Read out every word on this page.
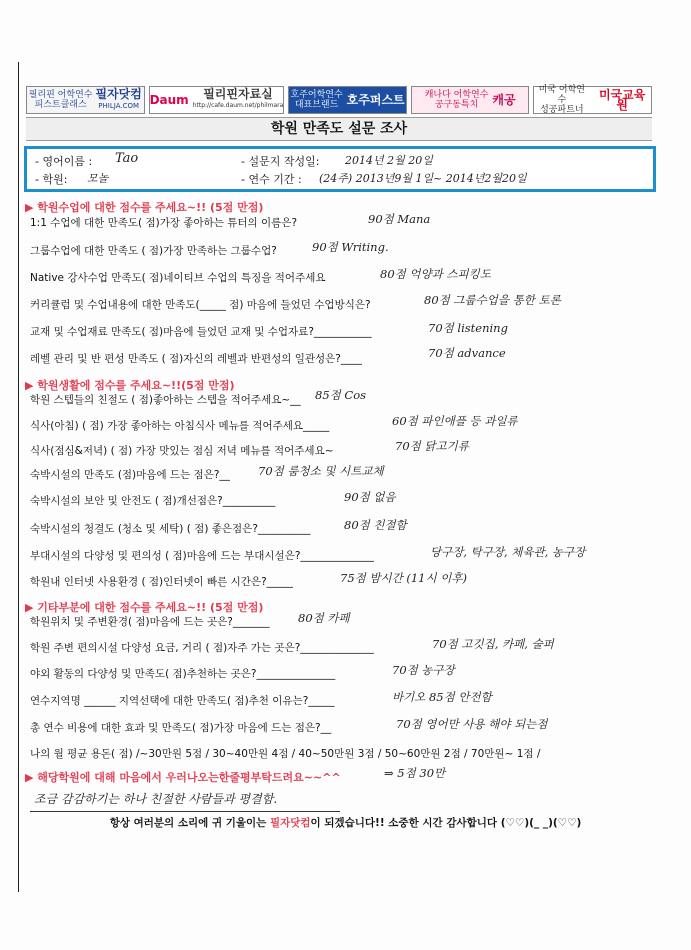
필리핀 어학연수
피스트클래스
필자닷컴
PHILJA.COM Daum	필리핀자료실
http://cafe.daum.net/philmara
호주어학연수
대표브랜드 호주퍼스트 캐나다 어학연수
공구동특치	캐공
미국 어학연수
성공파트너
미국교육원
학원 만족도 설문 조사
- 영어이름 : Tao
- 학원: 모놀
- 설문지 작성일: 2014년 2월 20일
- 연수 기간 : (24주) 2013년9월 1일~ 2014년2월20일
▶ 학원수업에 대한 점수를 주세요~!! (5점 만점)
1:1 수업에 대한 만족도( 점)가장 좋아하는 튜터의 이름은?	90점 Mana
그룹수업에 대한 만족도 ( 점)가장 만족하는 그룹수업?	90점 Writing.
Native 강사수업 만족도( 점)네이티브 수업의 특징을 적어주세요	80점 억양과 스피킹도
커리큘럼 및 수업내용에 대한 만족도(_____ 점) 마음에 들었던 수업방식은?	80점 그룹수업을 통한 토론
교재 및 수업재료 만족도( 점)마음에 들었던 교재 및 수업자료?___________	70점 listening
레벨 관리 및 반 편성 만족도 ( 점)자신의 레벨과 반편성의 일관성은?____	70점 advance
▶ 학원생활에 점수를 주세요~!!(5점 만점)
학원 스텝들의 친절도 ( 점)좋아하는 스텝을 적어주세요~__ 85점 Cos
식사(아침) ( 점) 가장 좋아하는 아침식사 메뉴를 적어주세요_____	60점 파인애플 등 과일류
식사(점심&저녁) ( 점) 가장 맛있는 점심 저녁 메뉴를 적어주세요~	70점 닭고기류
숙박시설의 만족도 (점)마음에 드는 점은?__ 70점 룸청소 및 시트교체
숙박시설의 보안 및 안전도 ( 점)개선점은?__________	90점 없음
숙박시설의 청결도 (청소 및 세탁) ( 점) 좋은점은?__________	80점 친절함
부대시설의 다양성 및 편의성 ( 점)마음에 드는 부대시설은?______________	당구장, 탁구장, 체육관, 농구장
학원내 인터넷 사용환경 ( 점)인터넷이 빠른 시간은?_____	75점 밤시간 (11시 이후)
▶ 기타부분에 대한 점수를 주세요~!! (5점 만점)
학원위치 및 주변환경( 점)마음에 드는 곳은?_______ 80점 카페
학원 주변 편의시설 다양성 요금, 거리 ( 점)자주 가는 곳은?______________	70점 고깃집, 카페, 술퍼
야외 활동의 다양성 및 만족도( 점)추천하는 곳은?_______________	70점 농구장
연수지역명 ______ 지역선택에 대한 만족도( 점)추천 이유는?_____	바기오 85점 안전함
총 연수 비용에 대한 효과 및 만족도( 점)가장 마음에 드는 점은?__	70점 영어만 사용 해야 되는점
나의 월 평균 용돈( 점) /~30만원 5점 / 30~40만원 4점 / 40~50만원 3점 / 50~60만원 2점 / 70만원~ 1점 /
⇒ 5점 30만
▶ 해당학원에 대해 마음에서 우러나오는한줄평부탁드려요~~^^
조금 감감하기는 하나 친절한 사람들과 평결함.
항상 여러분의 소리에 귀 기울이는 필자닷컴이 되겠습니다!! 소중한 시간 감사합니다 (♡♡)(_ _)(♡♡)
